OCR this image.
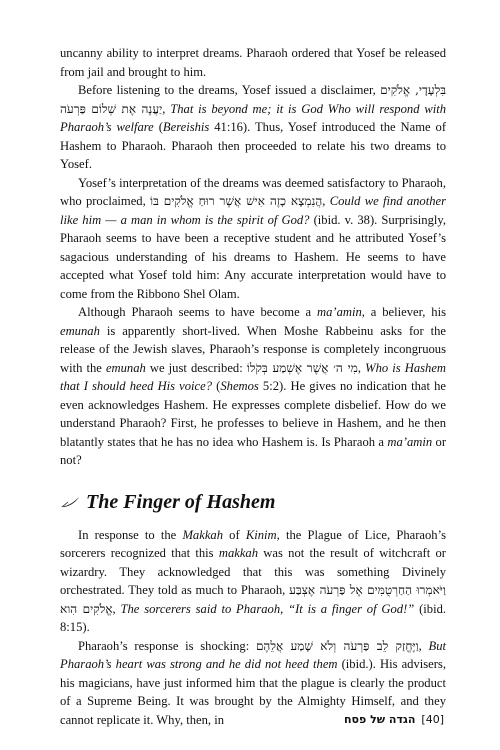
uncanny ability to interpret dreams. Pharaoh ordered that Yosef be released from jail and brought to him.

Before listening to the dreams, Yosef issued a disclaimer, בִּלְעָדָי, אֱלֹקִים יַעֲנֶה אֶת שְׁלוֹם פַּרְעֹה, That is beyond me; it is God Who will respond with Pharaoh’s welfare (Bereishis 41:16). Thus, Yosef introduced the Name of Hashem to Pharaoh. Pharaoh then proceeded to relate his two dreams to Yosef.

Yosef’s interpretation of the dreams was deemed satisfactory to Pharaoh, who proclaimed, הֲנִמְצָא כָזֶה אִישׁ אֲשֶׁר רוּחַ אֱלֹקִים בּוֹ, Could we find another like him — a man in whom is the spirit of God? (ibid. v. 38). Surprisingly, Pharaoh seems to have been a receptive student and he attributed Yosef’s sagacious understanding of his dreams to Hashem. He seems to have accepted what Yosef told him: Any accurate interpretation would have to come from the Ribbono Shel Olam.

Although Pharaoh seems to have become a ma’amin, a believer, his emunah is apparently short-lived. When Moshe Rabbeinu asks for the release of the Jewish slaves, Pharaoh’s response is completely incongruous with the emunah we just described: מִי ה׳ אֲשֶׁר אֶשְׁמַע בְּקֹלוֹ, Who is Hashem that I should heed His voice? (Shemos 5:2). He gives no indication that he even acknowledges Hashem. He expresses complete disbelief. How do we understand Pharaoh? First, he professes to believe in Hashem, and he then blatantly states that he has no idea who Hashem is. Is Pharaoh a ma’amin or not?

The Finger of Hashem

In response to the Makkah of Kinim, the Plague of Lice, Pharaoh’s sorcerers recognized that this makkah was not the result of witchcraft or wizardry. They acknowledged that this was something Divinely orchestrated. They told as much to Pharaoh, וַיֹּאמְרוּ הַחַרְטֻמִּים אֶל פַּרְעֹה אֶצְבַּע אֱלֹקִים הִוא, The sorcerers said to Pharaoh, “It is a finger of God!” (ibid. 8:15).

Pharaoh’s response is shocking: וַיֶּחֱזַק לֵב פַּרְעֹה וְלֹא שָׁמַע אֲלֵהֶם, But Pharaoh’s heart was strong and he did not heed them (ibid.). His advisers, his magicians, have just informed him that the plague is clearly the product of a Supreme Being. It was brought by the Almighty Himself, and they cannot replicate it. Why, then, in	הגדה של פסח [40]
